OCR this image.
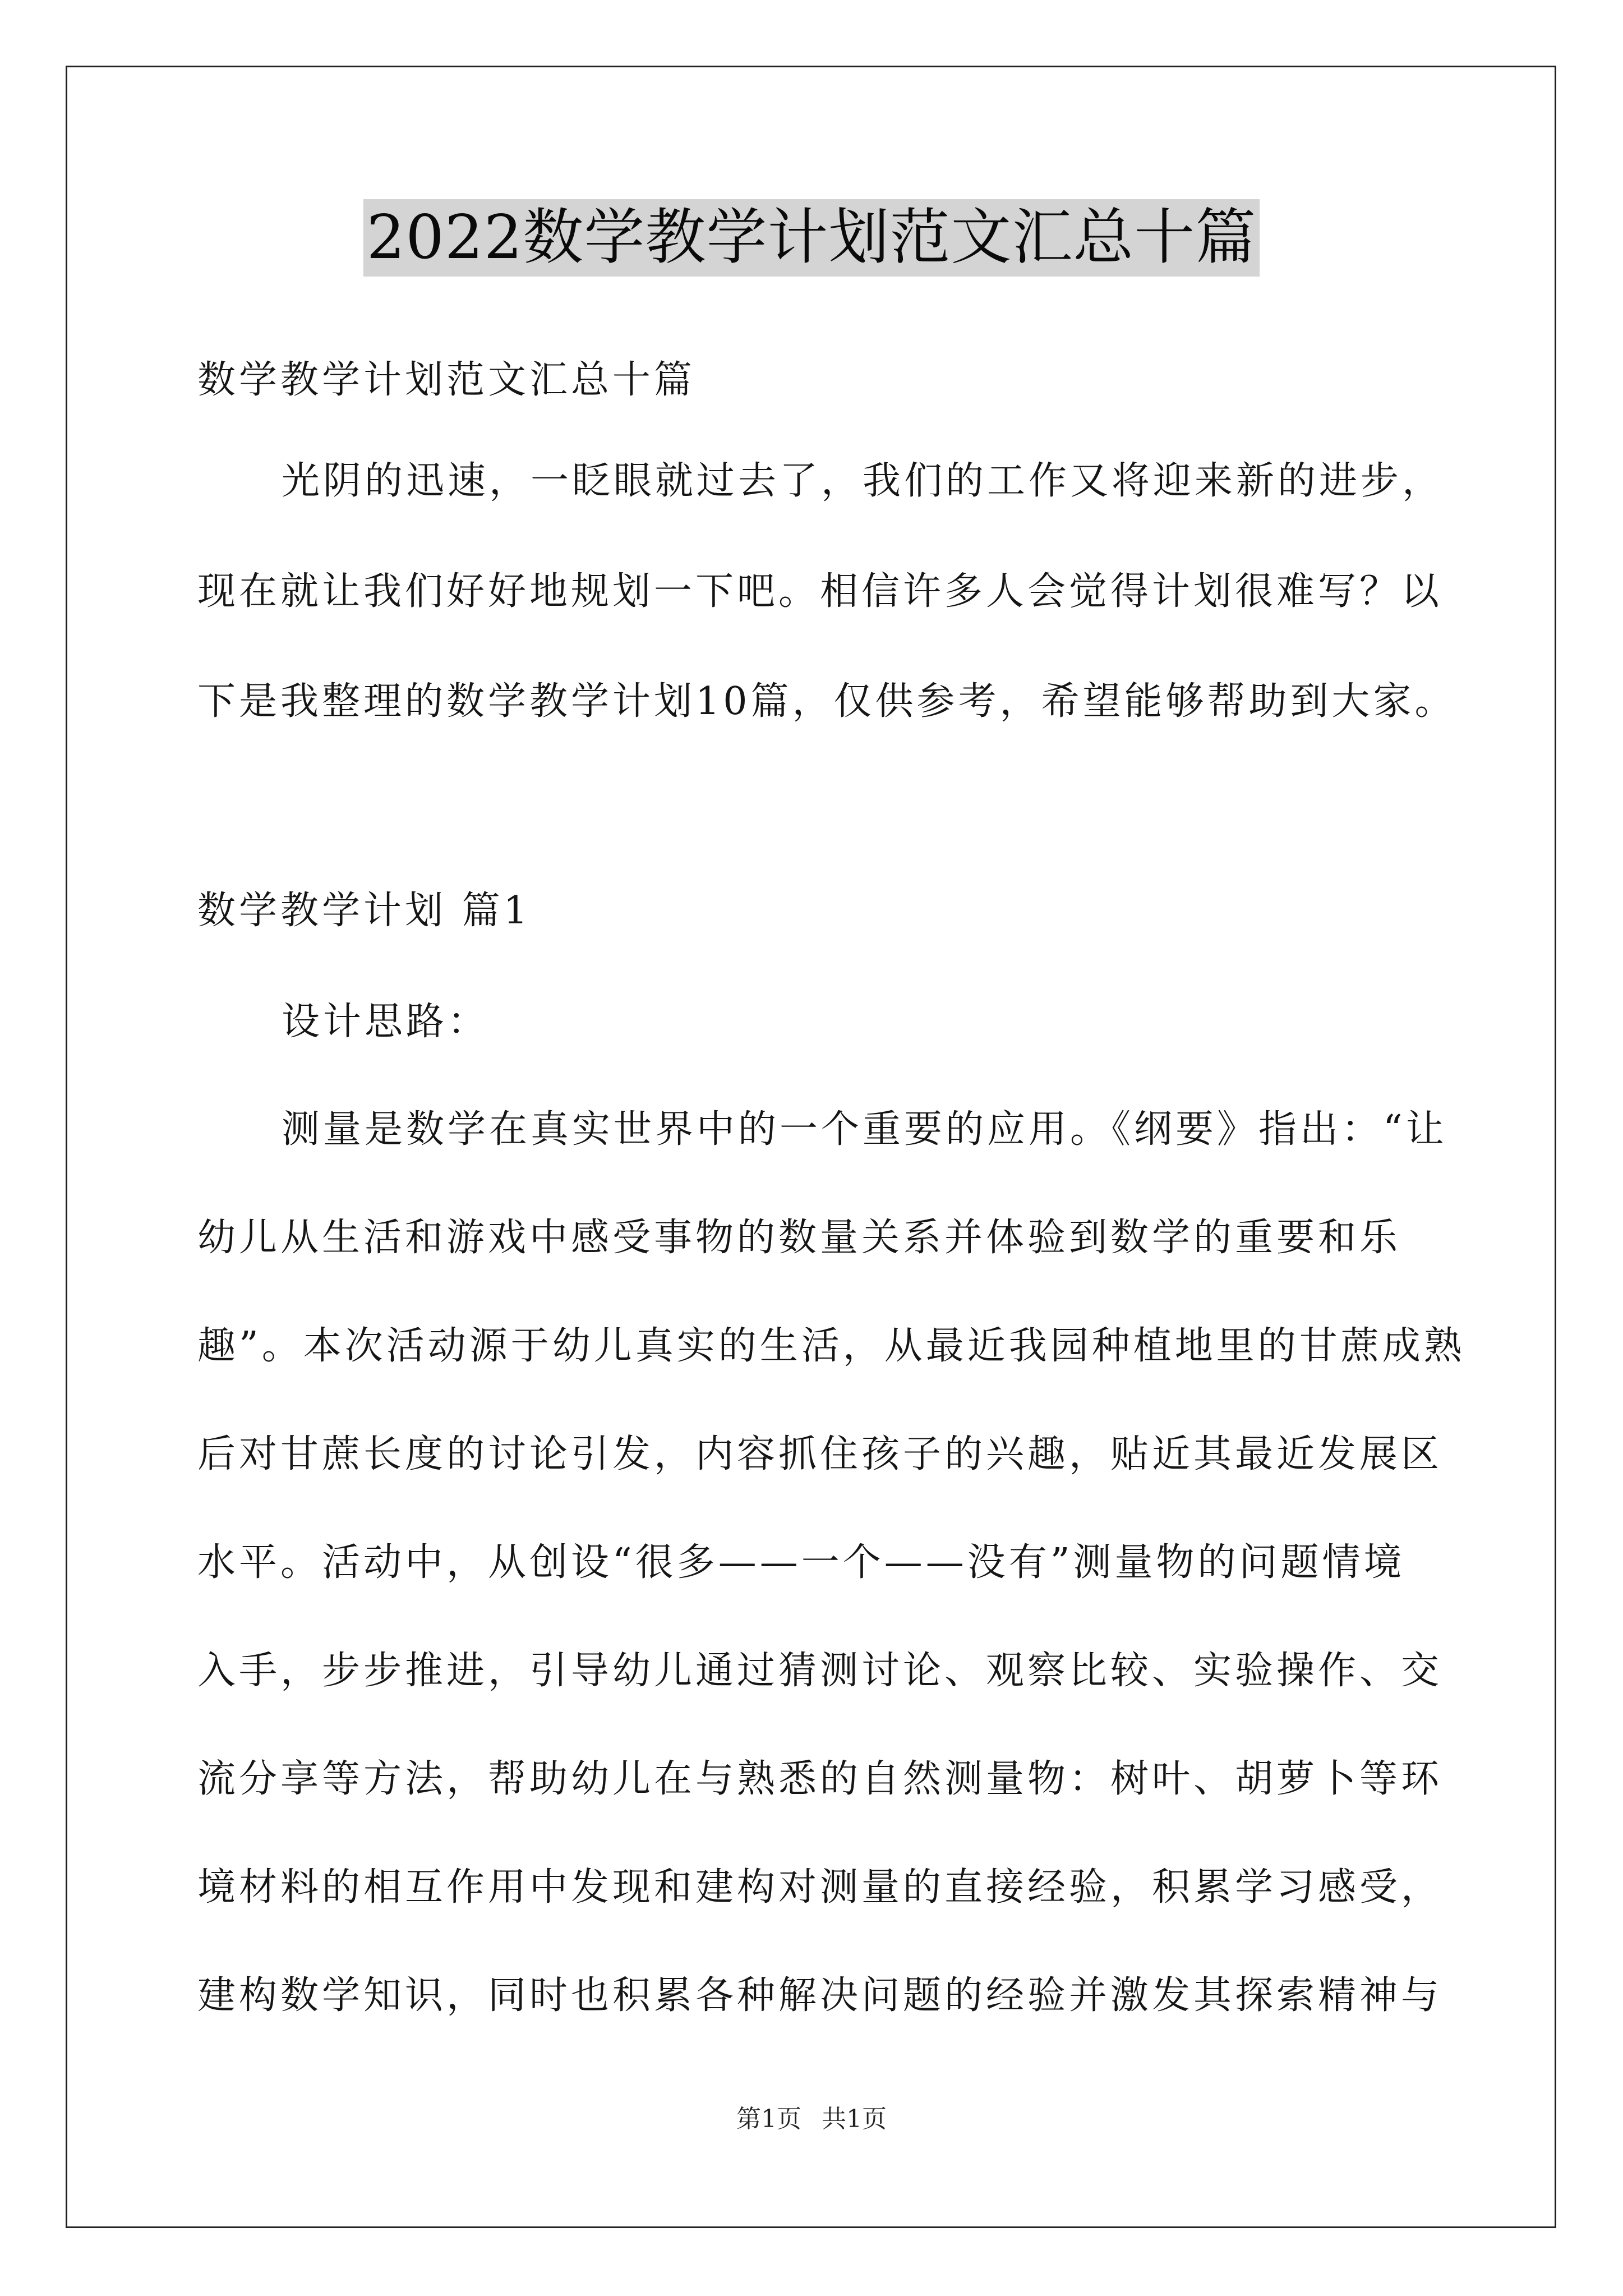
2022数学教学计划范文汇总十篇
数学教学计划范文汇总十篇
光阴的迅速，一眨眼就过去了，我们的工作又将迎来新的进步，
现在就让我们好好地规划一下吧。相信许多人会觉得计划很难写？以
下是我整理的数学教学计划10篇，仅供参考，希望能够帮助到大家。
数学教学计划 篇1
设计思路：
测量是数学在真实世界中的一个重要的应用。《纲要》指出：“让
幼儿从生活和游戏中感受事物的数量关系并体验到数学的重要和乐
趣”。本次活动源于幼儿真实的生活，从最近我园种植地里的甘蔗成熟
后对甘蔗长度的讨论引发，内容抓住孩子的兴趣，贴近其最近发展区
水平。活动中，从创设“很多——一个——没有”测量物的问题情境
入手，步步推进，引导幼儿通过猜测讨论、观察比较、实验操作、交
流分享等方法，帮助幼儿在与熟悉的自然测量物：树叶、胡萝卜等环
境材料的相互作用中发现和建构对测量的直接经验，积累学习感受，
建构数学知识，同时也积累各种解决问题的经验并激发其探索精神与
第1页 共1页
